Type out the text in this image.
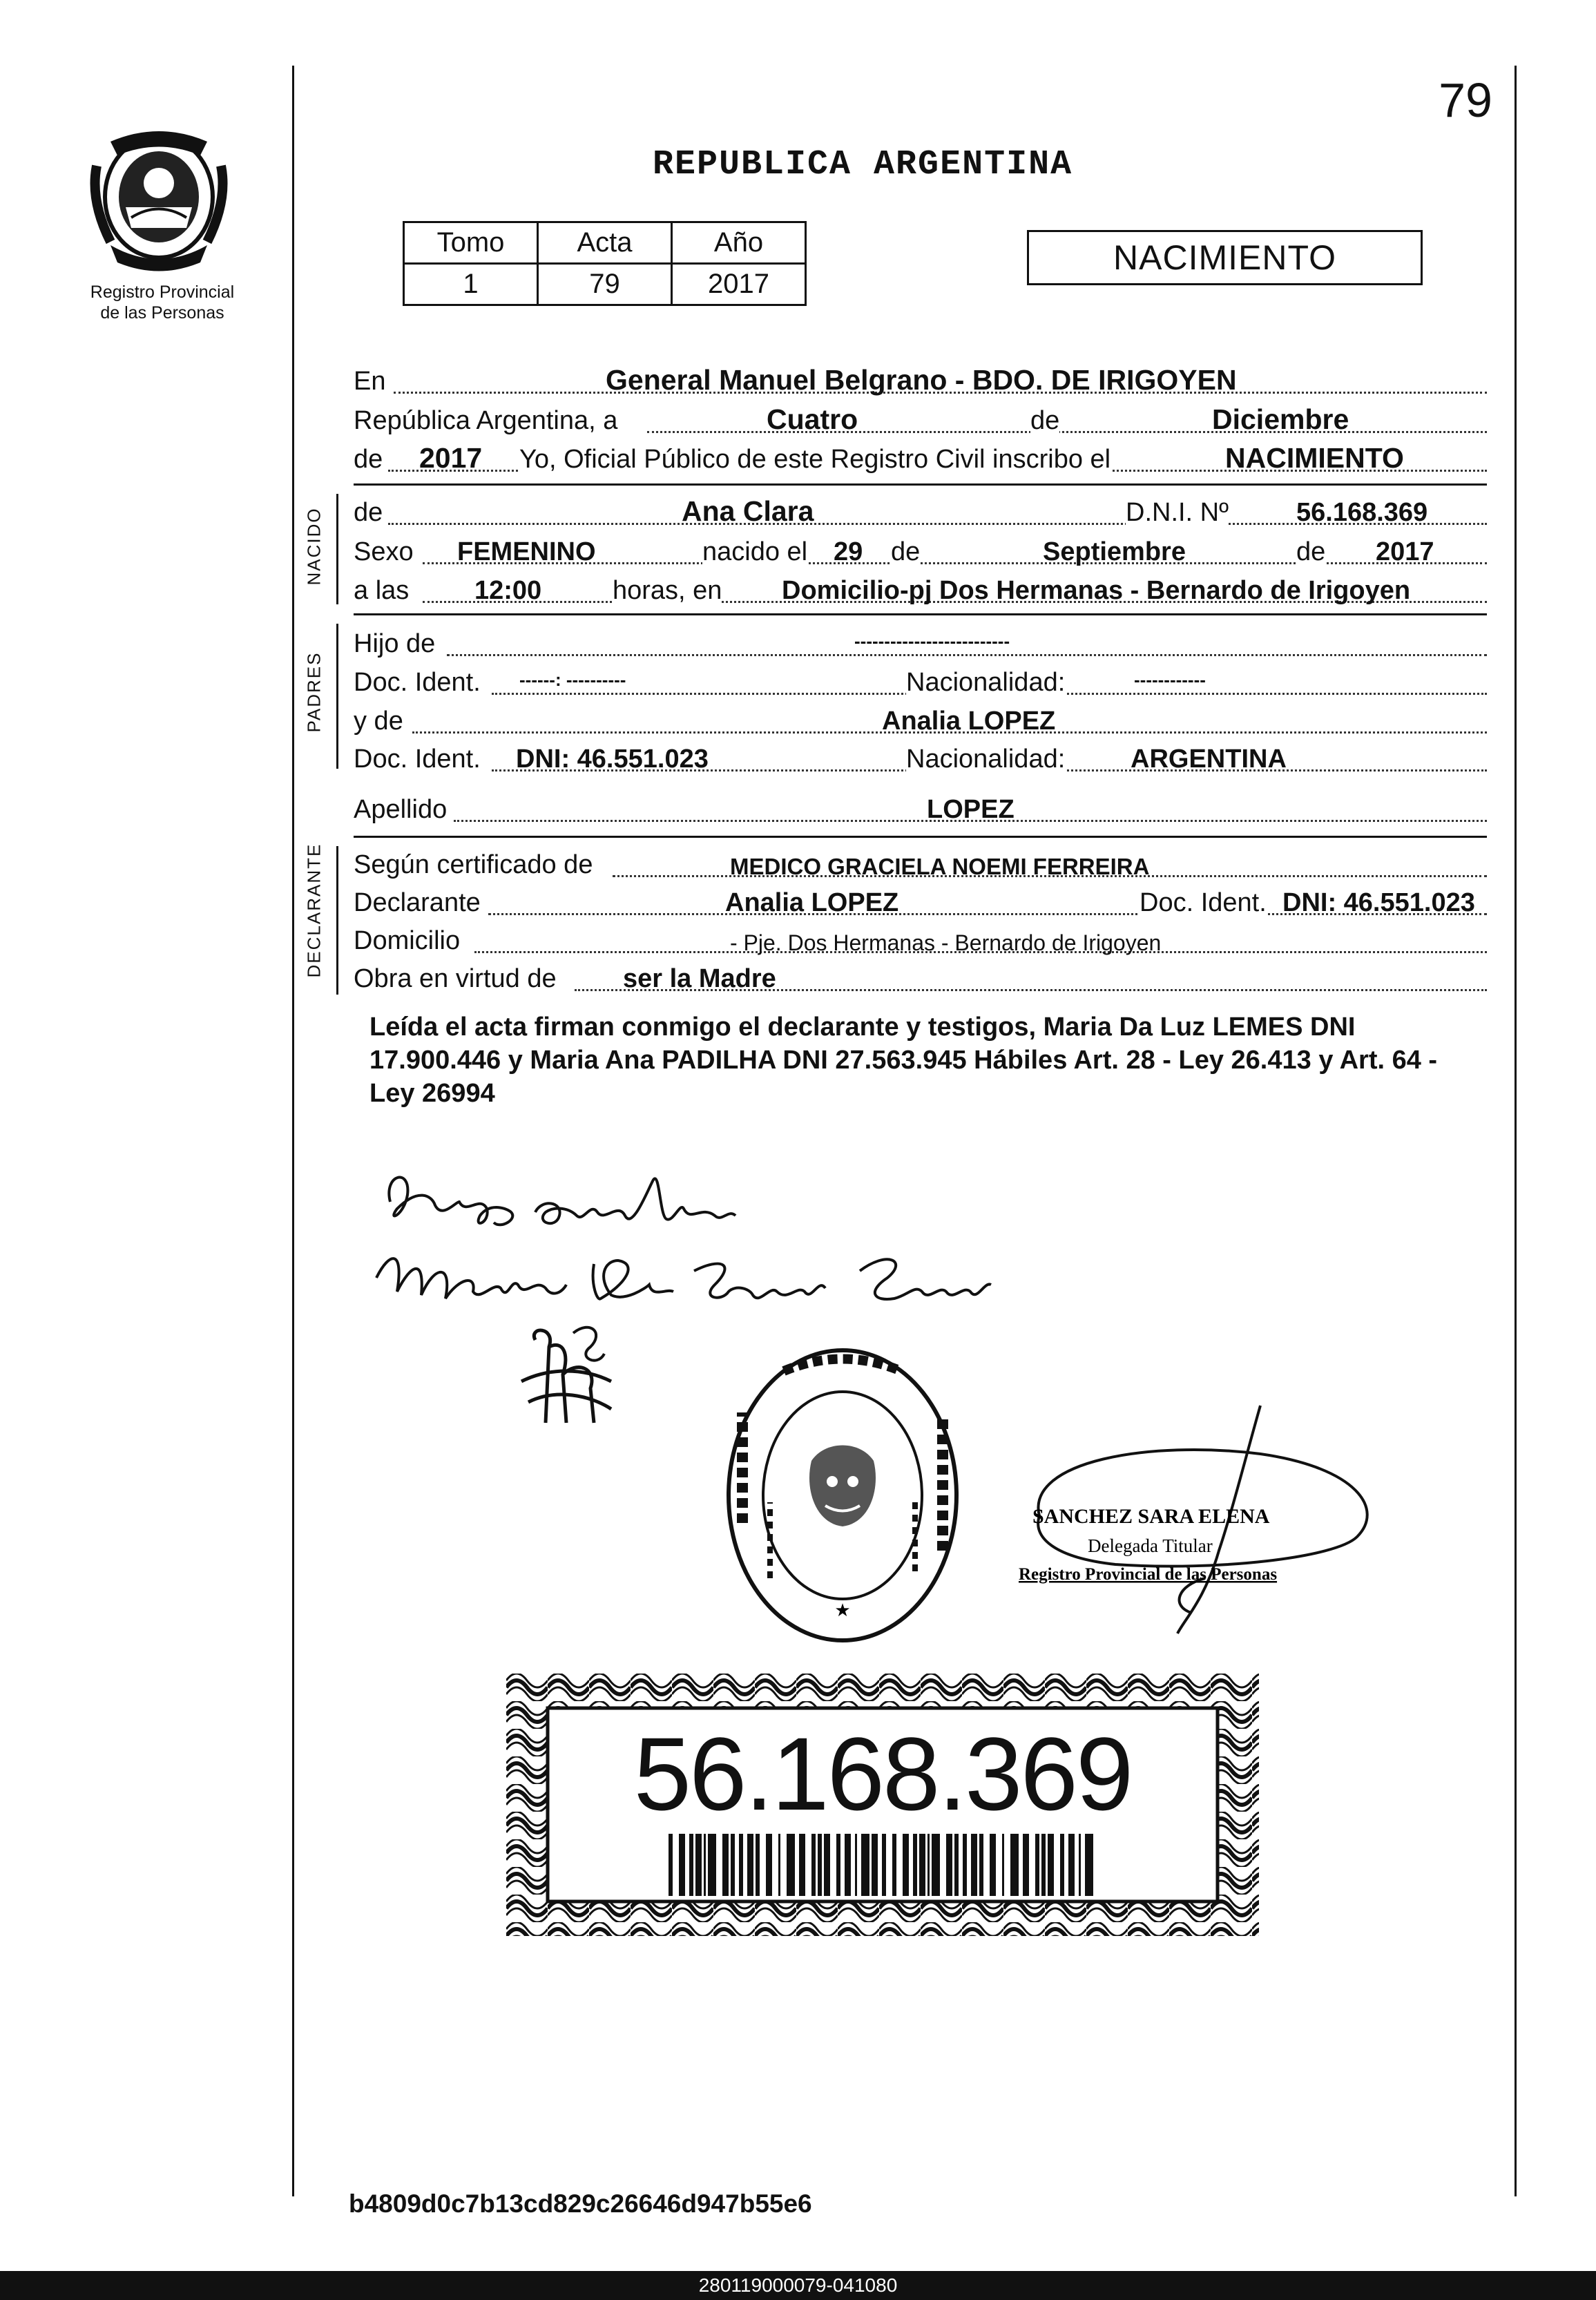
Registro Provincial
de las Personas
79
REPUBLICA ARGENTINA
Tomo	Acta	Año
1	79	2017
NACIMIENTO
En	General Manuel Belgrano - BDO. DE IRIGOYEN
República Argentina, a	Cuatro	de	Diciembre
de 2017 Yo, Oficial Público de este Registro Civil inscribo el	NACIMIENTO
NACIDO de	Ana Clara	D.N.I. Nº	56.168.369
Sexo FEMENINO	nacido el 29 de	Septiembre	de 2017
a las 12:00	horas, en Domicilio-pj Dos Hermanas - Bernardo de Irigoyen
PADRES
Hijo de	--------------------------
Doc. Ident. ------: ----------	Nacionalidad:	------------
y de	Analia LOPEZ
Doc. Ident. DNI: 46.551.023	Nacionalidad: ARGENTINA
Apellido	LOPEZ
DECLARANTE Según certificado de	MEDICO GRACIELA NOEMI FERREIRA
Declarante	Analia LOPEZ	Doc. Ident. DNI: 46.551.023
Domicilio	- Pje. Dos Hermanas - Bernardo de Irigoyen
Obra en virtud de	ser la Madre
Leída el acta firman conmigo el declarante y testigos, Maria Da Luz LEMES DNI 17.900.446 y Maria Ana PADILHA DNI 27.563.945 Hábiles Art. 28 - Ley 26.413 y Art. 64 - Ley 26994
★
SANCHEZ SARA ELENA
Delegada Titular
Registro Provincial de las Personas
56.168.369
b4809d0c7b13cd829c26646d947b55e6
280119000079-041080
